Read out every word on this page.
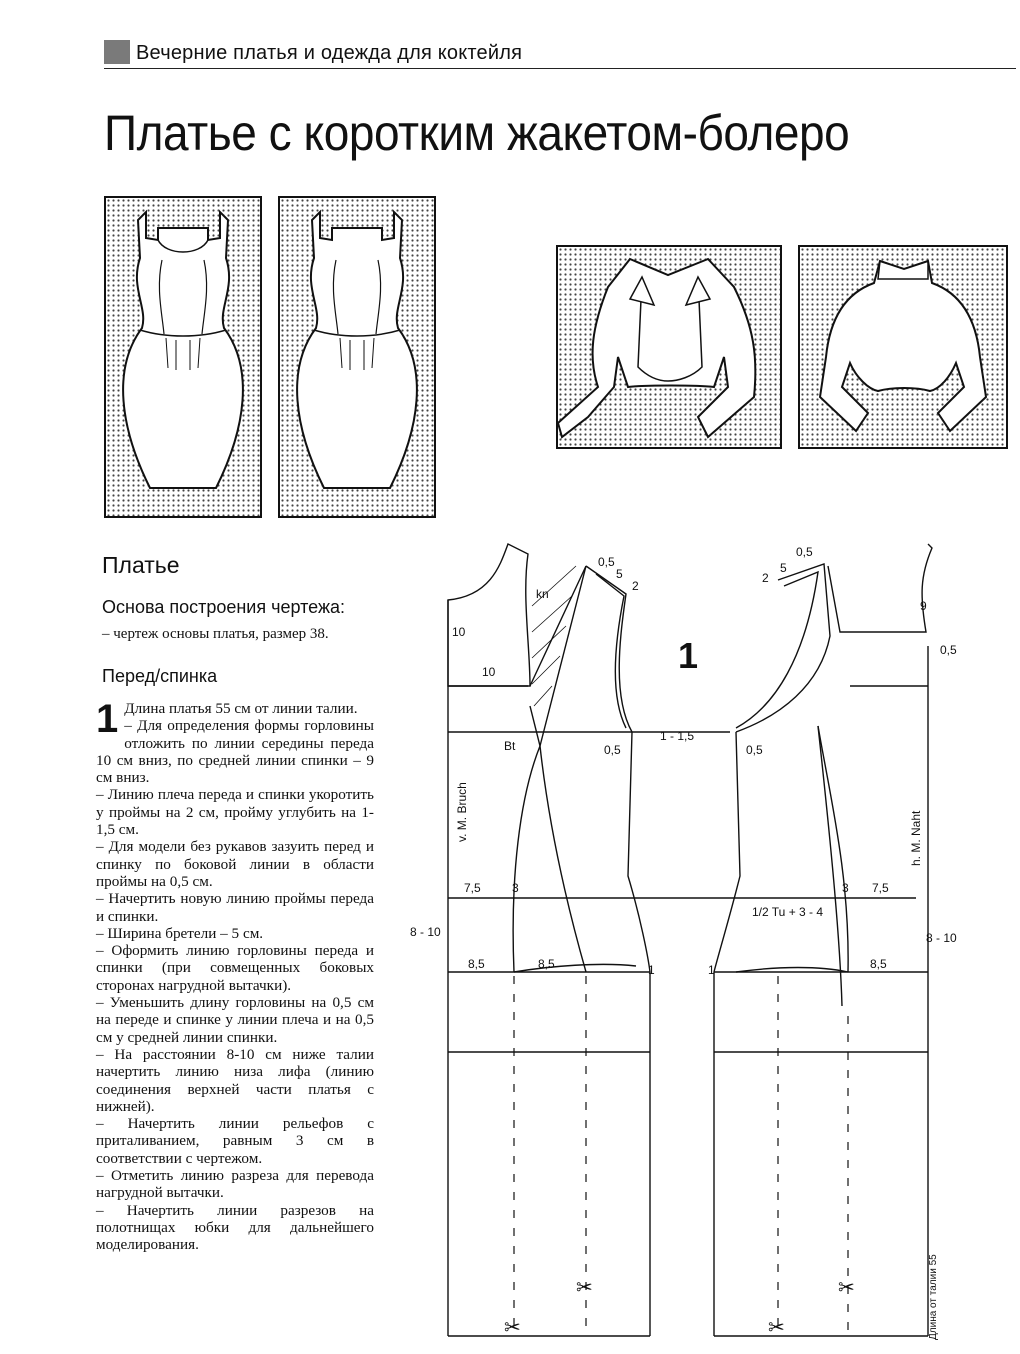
Вечерние платья и одежда для коктейля
Платье с коротким жакетом-болеро
Платье
Основа построения чертежа:
– чертеж основы платья, размер 38.
Перед/спинка
1 Длина платья 55 см от линии талии.

– Для определения формы горловины отложить по линии середины переда 10 см вниз, по средней линии спинки – 9 см вниз.

– Линию плеча переда и спинки укоротить у проймы на 2 см, пройму углубить на 1-1,5 см.

– Для модели без рукавов зазуить перед и спинку по боковой линии в области проймы на 0,5 см.

– Начертить новую линию проймы переда и спинки.

– Ширина бретели – 5 см.

– Оформить линию горловины переда и спинки (при совмещенных боковых сторонах нагрудной вытачки).

– Уменьшить длину горловины на 0,5 см на переде и спинке у линии плеча и на 0,5 см у средней линии спинки.

– На расстоянии 8-10 см ниже талии начертить линию низа лифа (линию соединения верхней части платья с нижней).

– Начертить линии рельефов с приталиванием, равным 3 см в соответствии с чертежом.

– Отметить линию разреза для перевода нагрудной вытачки.

– Начертить линии разрезов на полотнищах юбки для дальнейшего моделирования.

✂
✂
✂
✂
1
10
10
9
0,5
5
2
2
5
0,5
kn
Bt
1 - 1,5
0,5	0,5
0,5
v. M. Bruch	h. M. Naht
7,5	3	3 7,5
1/2 Tu + 3 - 4
8 - 10	8 - 10
8,5	8,5	8,5
1	1
Длина от талии 55
